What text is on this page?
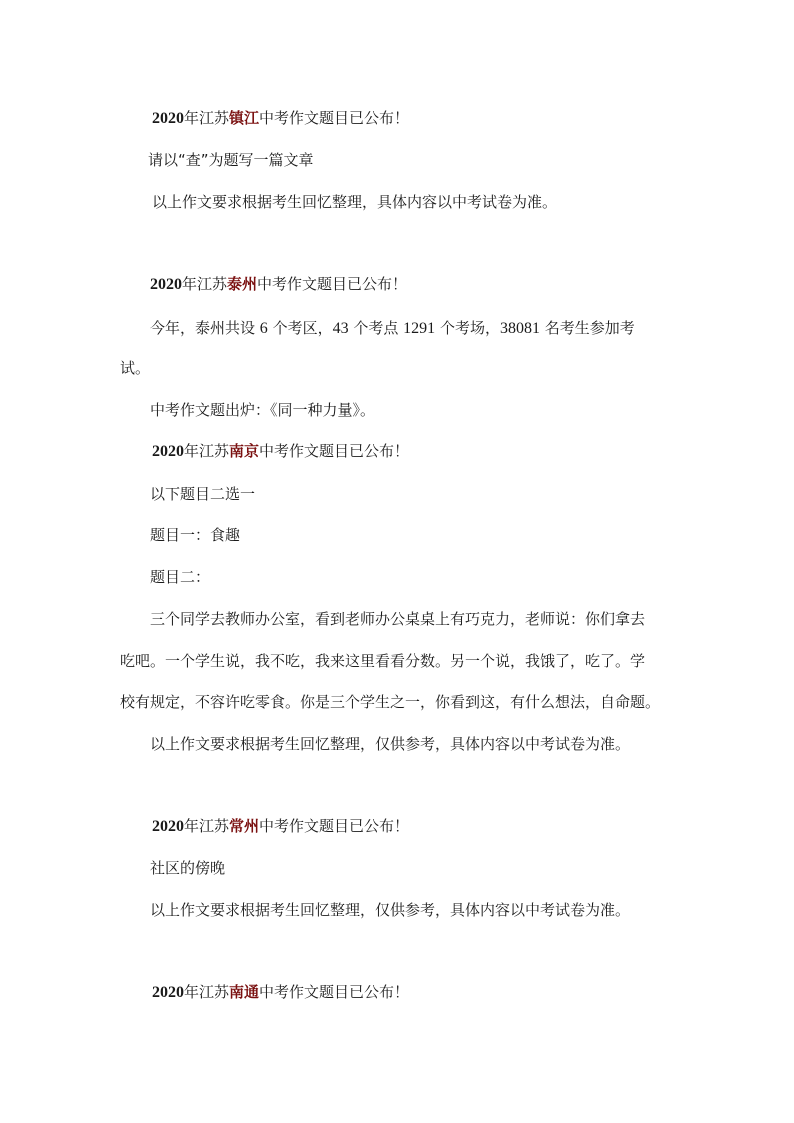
2020年江苏镇江中考作文题目已公布！
请以“查”为题写一篇文章
以上作文要求根据考生回忆整理，具体内容以中考试卷为准。
2020年江苏泰州中考作文题目已公布！
今年，泰州共设 6 个考区，43 个考点 1291 个考场，38081 名考生参加考
试。
中考作文题出炉：《同一种力量》。
2020年江苏南京中考作文题目已公布！
以下题目二选一
题目一：食趣
题目二：
三个同学去教师办公室，看到老师办公桌桌上有巧克力，老师说：你们拿去
吃吧。一个学生说，我不吃，我来这里看看分数。另一个说，我饿了，吃了。学
校有规定，不容许吃零食。你是三个学生之一，你看到这，有什么想法，自命题。
以上作文要求根据考生回忆整理，仅供参考，具体内容以中考试卷为准。
2020年江苏常州中考作文题目已公布！
社区的傍晚
以上作文要求根据考生回忆整理，仅供参考，具体内容以中考试卷为准。
2020年江苏南通中考作文题目已公布！
